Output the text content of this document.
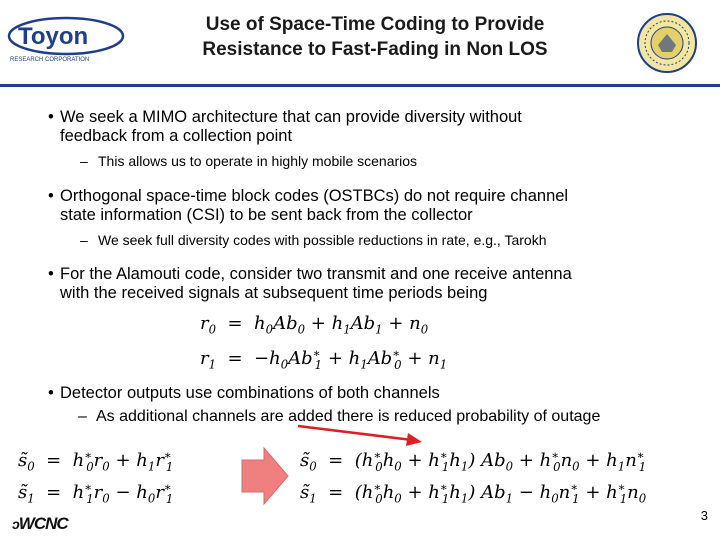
Toyon
RESEARCH CORPORATION
Use of Space-Time Coding to Provide
Resistance to Fast-Fading in Non LOS
• We seek a MIMO architecture that can provide diversity without
feedback from a collection point
– This allows us to operate in highly mobile scenarios
• Orthogonal space-time block codes (OSTBCs) do not require channel
state information (CSI) to be sent back from the collector
– We seek full diversity codes with possible reductions in rate, e.g., Tarokh
• For the Alamouti code, consider two transmit and one receive antenna
with the received signals at subsequent time periods being
$r_0 = h_0Ab_0 + h_1Ab_1 + n_0$
$r_1 = -h_0Ab^∗_1 + h_1Ab^∗_0 + n_1$
• Detector outputs use combinations of both channels
– As additional channels are added there is reduced probability of outage
$s̃_0 = h^∗_0r_0 + h_1r^∗_1$
$s̃_1 = h^∗_1r_0 - h_0r^∗_1$
$s̃_0 = (h^∗_0h_0 + h^∗_1h_1) Ab_0 + h^∗_0n_0 + h_1n^∗_1$
$s̃_1 = (h^∗_0h_0 + h^∗_1h_1) Ab_1 - h_0n^∗_1 + h^∗_1n_0$
ↄWCNC	3
